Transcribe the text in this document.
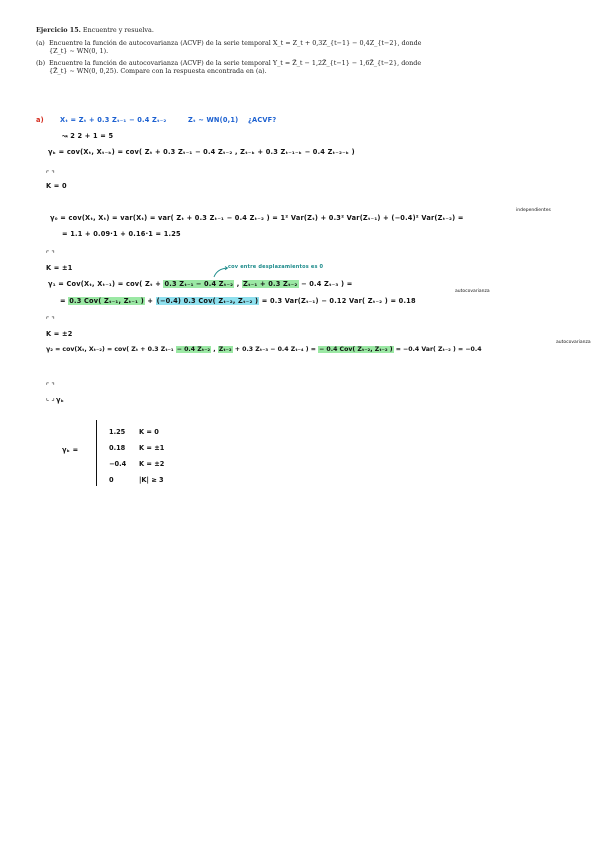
Ejercicio 15. Encuentre y resuelva.
(a) Encuentre la función de autocovarianza (ACVF) de la serie temporal X_t = Z_t + 0,3Z_{t−1} − 0,4Z_{t−2}, donde
{Z_t} ∼ WN(0, 1).
(b) Encuentre la función de autocovarianza (ACVF) de la serie temporal Y_t = Z̃_t − 1,2Z̃_{t−1} − 1,6Z̃_{t−2}, donde
{Z̃_t} ∼ WN(0, 0,25). Compare con la respuesta encontrada en (a).
a) Xₜ = Zₜ + 0.3 Zₜ₋₁ − 0.4 Zₜ₋₂	Zₜ ~ WN(0,1) ¿ACVF?
↝ 2 2 + 1 = 5
γₖ = cov(Xₜ, Xₜ₋ₖ) = cov( Zₜ + 0.3 Zₜ₋₁ − 0.4 Zₜ₋₂ , Zₜ₋ₖ + 0.3 Zₜ₋₁₋ₖ − 0.4 Zₜ₋₂₋ₖ )
⌜ ⌝
K = 0
γ₀ = cov(Xₜ, Xₜ) = var(Xₜ) = var( Zₜ + 0.3 Zₜ₋₁ − 0.4 Zₜ₋₂ ) = 1² Var(Zₜ) + 0.3² Var(Zₜ₋₁) + (−0.4)² Var(Zₜ₋₂) =
independientes
= 1.1 + 0.09·1 + 0.16·1 = 1.25
⌜ ⌝
K = ±1	cov entre desplazamientos es 0
γ₁ = Cov(Xₜ, Xₜ₋₁) = cov( Zₜ + 0.3 Zₜ₋₁ − 0.4 Zₜ₋₂ , Zₜ₋₁ + 0.3 Zₜ₋₂ − 0.4 Zₜ₋₃ ) =
autocovarianza
= 0.3 Cov( Zₜ₋₁, Zₜ₋₁ ) + (−0.4) 0.3 Cov( Zₜ₋₂, Zₜ₋₂ ) = 0.3 Var(Zₜ₋₁) − 0.12 Var( Zₜ₋₂ ) = 0.18
⌜ ⌝
K = ±2
γ₂ = cov(Xₜ, Xₜ₋₂) = cov( Zₜ + 0.3 Zₜ₋₁ − 0.4 Zₜ₋₂ , Zₜ₋₂ + 0.3 Zₜ₋₃ − 0.4 Zₜ₋₄ ) = − 0.4 Cov( Zₜ₋₂, Zₜ₋₂ ) = −0.4 Var( Zₜ₋₂ ) = −0.4
autocovarianza
⌜ ⌝
⌞ ⌟ γₖ
γₖ =
1.25 K = 0
0.18 K = ±1
−0.4 K = ±2
0	|K| ≥ 3
